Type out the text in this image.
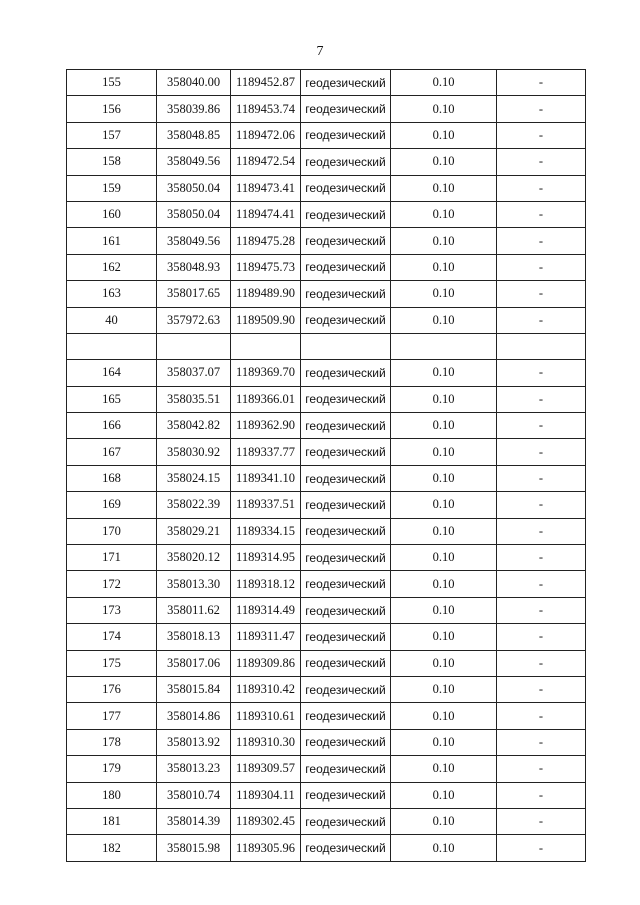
7
155	358040.00	1189452.87	геодезический	0.10	-
156	358039.86	1189453.74	геодезический	0.10	-
157	358048.85	1189472.06	геодезический	0.10	-
158	358049.56	1189472.54	геодезический	0.10	-
159	358050.04	1189473.41	геодезический	0.10	-
160	358050.04	1189474.41	геодезический	0.10	-
161	358049.56	1189475.28	геодезический	0.10	-
162	358048.93	1189475.73	геодезический	0.10	-
163	358017.65	1189489.90	геодезический	0.10	-
40	357972.63	1189509.90	геодезический	0.10	-

164	358037.07	1189369.70	геодезический	0.10	-
165	358035.51	1189366.01	геодезический	0.10	-
166	358042.82	1189362.90	геодезический	0.10	-
167	358030.92	1189337.77	геодезический	0.10	-
168	358024.15	1189341.10	геодезический	0.10	-
169	358022.39	1189337.51	геодезический	0.10	-
170	358029.21	1189334.15	геодезический	0.10	-
171	358020.12	1189314.95	геодезический	0.10	-
172	358013.30	1189318.12	геодезический	0.10	-
173	358011.62	1189314.49	геодезический	0.10	-
174	358018.13	1189311.47	геодезический	0.10	-
175	358017.06	1189309.86	геодезический	0.10	-
176	358015.84	1189310.42	геодезический	0.10	-
177	358014.86	1189310.61	геодезический	0.10	-
178	358013.92	1189310.30	геодезический	0.10	-
179	358013.23	1189309.57	геодезический	0.10	-
180	358010.74	1189304.11	геодезический	0.10	-
181	358014.39	1189302.45	геодезический	0.10	-
182	358015.98	1189305.96	геодезический	0.10	-
